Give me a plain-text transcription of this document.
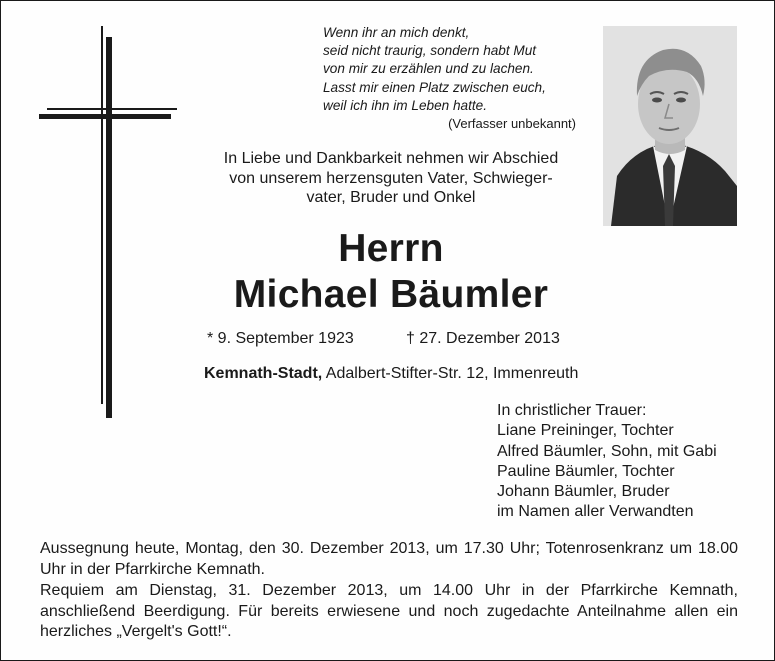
Wenn ihr an mich denkt,
seid nicht traurig, sondern habt Mut
von mir zu erzählen und zu lachen.
Lasst mir einen Platz zwischen euch,
weil ich ihn im Leben hatte.
(Verfasser unbekannt)
In Liebe und Dankbarkeit nehmen wir Abschied
von unserem herzensguten Vater, Schwieger-
vater, Bruder und Onkel
Herrn
Michael Bäumler
* 9. September 1923	† 27. Dezember 2013
Kemnath-Stadt, Adalbert-Stifter-Str. 12, Immenreuth
In christlicher Trauer:
Liane Preininger, Tochter
Alfred Bäumler, Sohn, mit Gabi
Pauline Bäumler, Tochter
Johann Bäumler, Bruder
im Namen aller Verwandten
Aussegnung heute, Montag, den 30. Dezember 2013, um 17.30 Uhr; Totenrosenkranz um 18.00 Uhr in der Pfarrkirche Kemnath.
Requiem am Dienstag, 31. Dezember 2013, um 14.00 Uhr in der Pfarrkirche Kemnath, anschließend Beerdigung. Für bereits erwiesene und noch zugedachte Anteilnahme allen ein herzliches „Vergelt's Gott!“.
